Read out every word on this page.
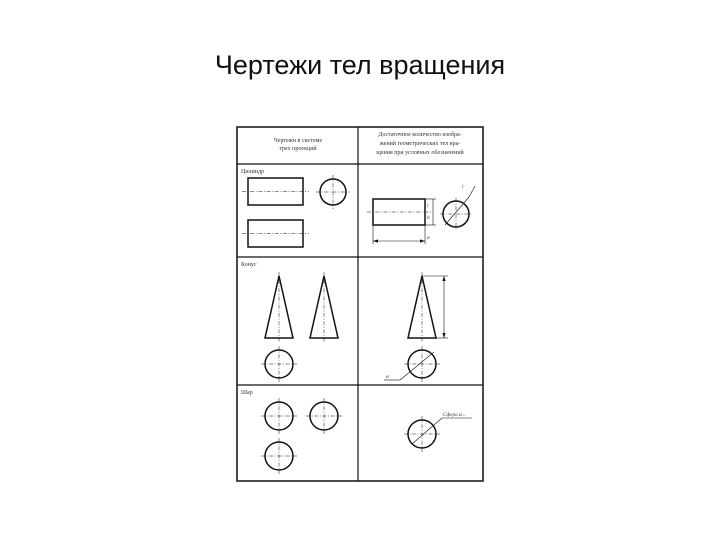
Чертежи тел вращения
Чертежи в системе
трех проекций
Достаточное количество изобра-
жений геометрических тел вра-
щения при условных обозначений
Цилиндр
Конус
Шар
l
h
ø
l
ø
Сфера ø...
